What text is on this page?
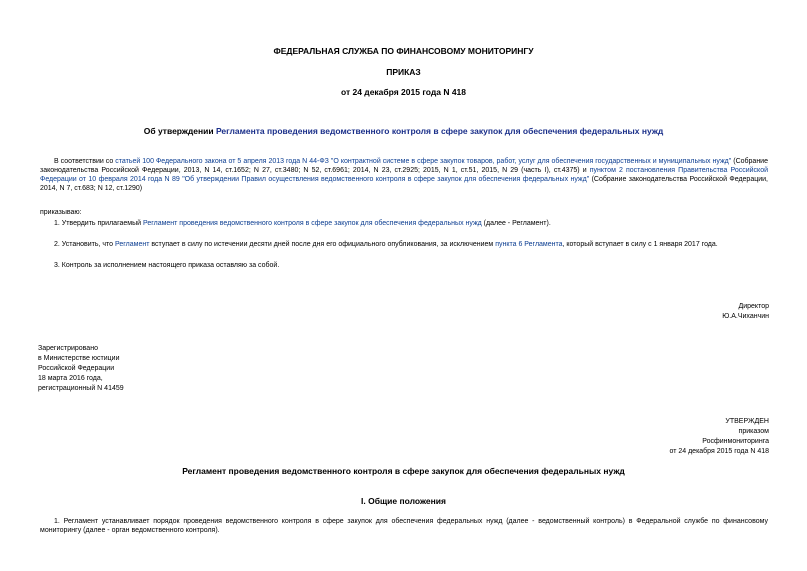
ФЕДЕРАЛЬНАЯ СЛУЖБА ПО ФИНАНСОВОМУ МОНИТОРИНГУ
ПРИКАЗ
от 24 декабря 2015 года N 418
Об утверждении Регламента проведения ведомственного контроля в сфере закупок для обеспечения федеральных нужд
В соответствии со статьей 100 Федерального закона от 5 апреля 2013 года N 44-ФЗ "О контрактной системе в сфере закупок товаров, работ, услуг для обеспечения государственных и муниципальных нужд" (Собрание законодательства Российской Федерации, 2013, N 14, ст.1652; N 27, ст.3480; N 52, ст.6961; 2014, N 23, ст.2925; 2015, N 1, ст.51, 2015, N 29 (часть I), ст.4375) и пунктом 2 постановления Правительства Российской Федерации от 10 февраля 2014 года N 89 "Об утверждении Правил осуществления ведомственного контроля в сфере закупок для обеспечения федеральных нужд" (Собрание законодательства Российской Федерации, 2014, N 7, ст.683; N 12, ст.1290)
приказываю:
1. Утвердить прилагаемый Регламент проведения ведомственного контроля в сфере закупок для обеспечения федеральных нужд (далее - Регламент).
2. Установить, что Регламент вступает в силу по истечении десяти дней после дня его официального опубликования, за исключением пункта 6 Регламента, который вступает в силу с 1 января 2017 года.
3. Контроль за исполнением настоящего приказа оставляю за собой.
Директор
Ю.А.Чиханчин
Зарегистрировано
в Министерстве юстиции
Российской Федерации
18 марта 2016 года,
регистрационный N 41459
УТВЕРЖДЕН
приказом
Росфинмониторинга
от 24 декабря 2015 года N 418
Регламент проведения ведомственного контроля в сфере закупок для обеспечения федеральных нужд
I. Общие положения
1. Регламент устанавливает порядок проведения ведомственного контроля в сфере закупок для обеспечения федеральных нужд (далее - ведомственный контроль) в Федеральной службе по финансовому мониторингу (далее - орган ведомственного контроля).
